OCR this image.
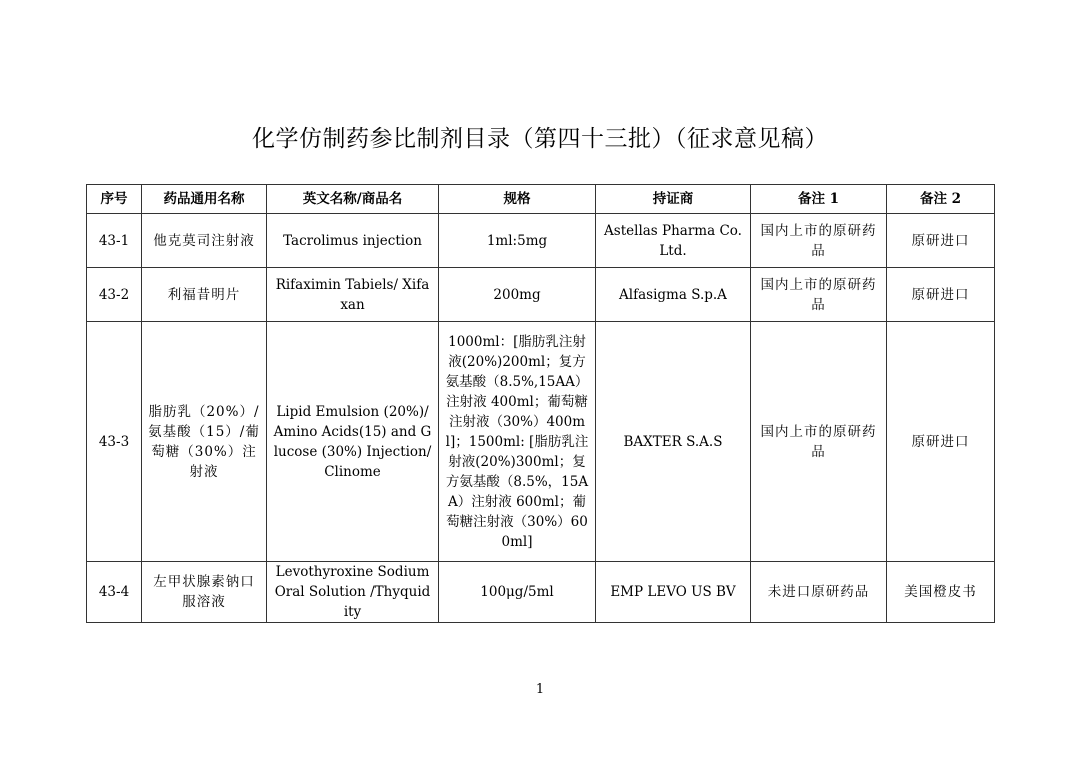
化学仿制药参比制剂目录（第四十三批）（征求意见稿）
序号	药品通用名称	英文名称/商品名	规格	持证商	备注 1	备注 2
43-1	他克莫司注射液	Tacrolimus injection	1ml:5mg	Astellas Pharma Co. Ltd.	国内上市的原研药品	原研进口
43-2	利福昔明片	Rifaximin Tabiels/ Xifaxan	200mg	Alfasigma S.p.A	国内上市的原研药品	原研进口
43-3	脂肪乳（20%）/氨基酸（15）/葡萄糖（30%）注射液	Lipid Emulsion (20%)/Amino Acids(15) and Glucose (30%) Injection/Clinome	1000ml：[脂肪乳注射液(20%)200ml；复方氨基酸（8.5%,15AA）注射液 400ml；葡萄糖注射液（30%）400ml]；1500ml: [脂肪乳注射液(20%)300ml；复方氨基酸（8.5%，15AA）注射液 600ml；葡萄糖注射液（30%）600ml]	BAXTER S.A.S	国内上市的原研药品	原研进口
43-4	左甲状腺素钠口服溶液	Levothyroxine Sodium Oral Solution /Thyquidity	100μg/5ml	EMP LEVO US BV	未进口原研药品	美国橙皮书
1
